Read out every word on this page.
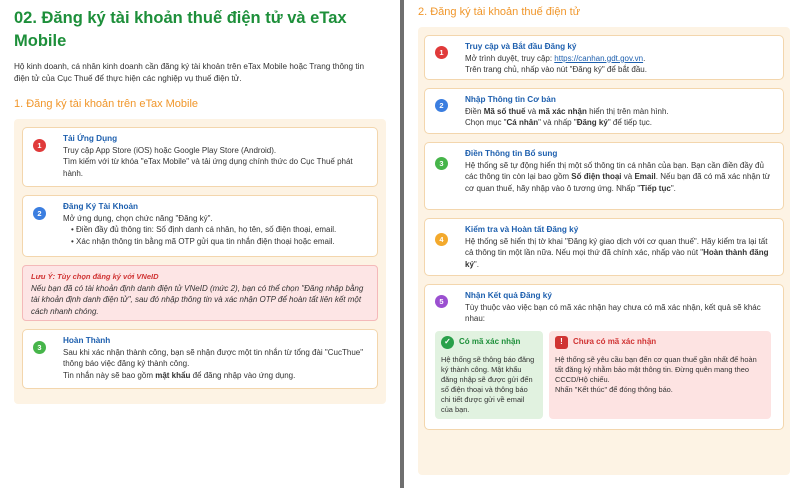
02. Đăng ký tài khoản thuế điện tử và eTax Mobile
Hộ kinh doanh, cá nhân kinh doanh cần đăng ký tài khoản trên eTax Mobile hoặc Trang thông tin điện tử của Cục Thuế để thực hiện các nghiệp vụ thuế điện tử.
1. Đăng ký tài khoản trên eTax Mobile
1
Tải Ứng Dụng
Truy cập App Store (iOS) hoặc Google Play Store (Android).
Tìm kiếm với từ khóa "eTax Mobile" và tải ứng dụng chính thức do Cục Thuế phát hành.
2
Đăng Ký Tài Khoản
Mở ứng dụng, chọn chức năng "Đăng ký".
• Điền đầy đủ thông tin: Số định danh cá nhân, họ tên, số điện thoại, email.
• Xác nhận thông tin bằng mã OTP gửi qua tin nhắn điện thoại hoặc email.
Lưu Ý: Tùy chọn đăng ký với VNeID
Nếu bạn đã có tài khoản định danh điện tử VNeID (mức 2), bạn có thể chọn "Đăng nhập bằng tài khoản định danh điện tử", sau đó nhập thông tin và xác nhận OTP để hoàn tất liên kết một cách nhanh chóng.
3
Hoàn Thành
Sau khi xác nhận thành công, bạn sẽ nhận được một tin nhắn từ tổng đài "CucThue" thông báo việc đăng ký thành công.
Tin nhắn này sẽ bao gồm mật khẩu để đăng nhập vào ứng dụng.
2. Đăng ký tài khoản thuế điện tử
1
Truy cập và Bắt đầu Đăng ký
Mở trình duyệt, truy cập: https://canhan.gdt.gov.vn.
Trên trang chủ, nhấp vào nút "Đăng ký" để bắt đầu.
2
Nhập Thông tin Cơ bản
Điền Mã số thuế và mã xác nhận hiển thị trên màn hình.
Chọn mục "Cá nhân" và nhấp "Đăng ký" để tiếp tục.
3
Điền Thông tin Bổ sung
Hệ thống sẽ tự động hiển thị một số thông tin cá nhân của bạn. Bạn cần điền đầy đủ các thông tin còn lại bao gồm Số điện thoại và Email. Nếu bạn đã có mã xác nhận từ cơ quan thuế, hãy nhập vào ô tương ứng. Nhấp "Tiếp tục".
4
Kiểm tra và Hoàn tất Đăng ký
Hệ thống sẽ hiển thị tờ khai "Đăng ký giao dịch với cơ quan thuế". Hãy kiểm tra lại tất cả thông tin một lần nữa. Nếu mọi thứ đã chính xác, nhấp vào nút "Hoàn thành đăng ký".
5
Nhận Kết quả Đăng ký
Tùy thuộc vào việc bạn có mã xác nhận hay chưa có mã xác nhận, kết quả sẽ khác nhau:
✓	Có mã xác nhận
Hệ thống sẽ thông báo đăng ký thành công. Mật khẩu đăng nhập sẽ được gửi đến số điện thoại và thông báo chi tiết được gửi về email của bạn.
!	Chưa có mã xác nhận
Hệ thống sẽ yêu cầu bạn đến cơ quan thuế gần nhất để hoàn tất đăng ký nhằm bảo mật thông tin. Đừng quên mang theo CCCD/Hộ chiếu.
Nhấn "Kết thúc" để đóng thông báo.
